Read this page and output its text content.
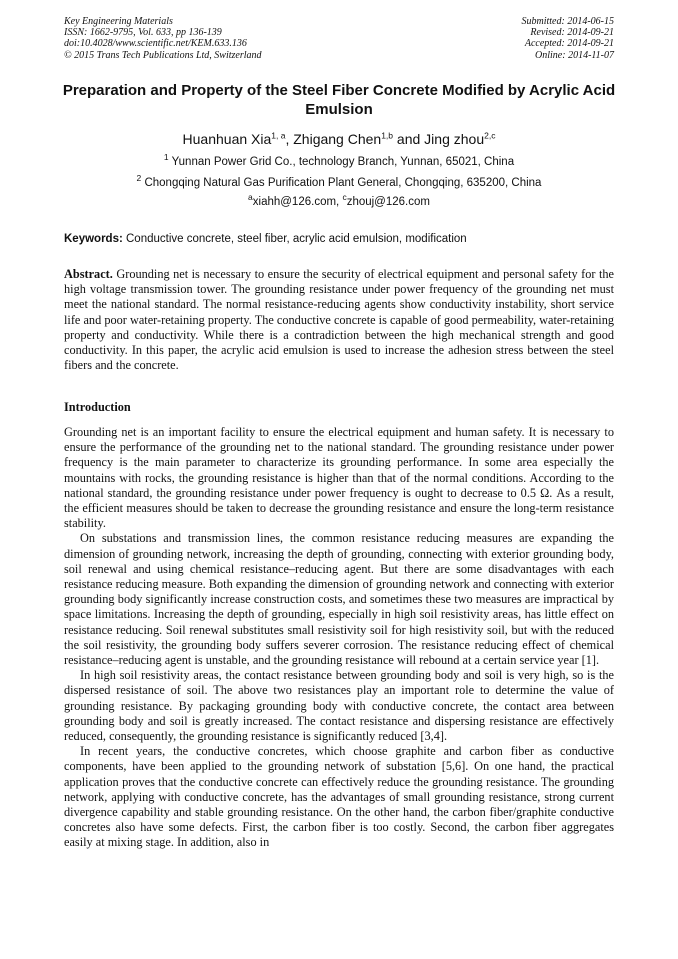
Key Engineering Materials
ISSN: 1662-9795, Vol. 633, pp 136-139
doi:10.4028/www.scientific.net/KEM.633.136
© 2015 Trans Tech Publications Ltd, Switzerland
Submitted: 2014-06-15
Revised: 2014-09-21
Accepted: 2014-09-21
Online: 2014-11-07
Preparation and Property of the Steel Fiber Concrete Modified by Acrylic Acid Emulsion
Huanhuan Xia$^{1, a}$, Zhigang Chen$^{1,b}$ and Jing zhou$^{2,c}$
$^1$ Yunnan Power Grid Co., technology Branch, Yunnan, 65021, China
$^2$ Chongqing Natural Gas Purification Plant General, Chongqing, 635200, China
$^a$xiahh@126.com, $^c$zhouj@126.com
Keywords: Conductive concrete, steel fiber, acrylic acid emulsion, modification

Abstract. Grounding net is necessary to ensure the security of electrical equipment and personal safety for the high voltage transmission tower. The grounding resistance under power frequency of the grounding net must meet the national standard. The normal resistance-reducing agents show conductivity instability, short service life and poor water-retaining property. The conductive concrete is capable of good permeability, water-retaining property and conductivity. While there is a contradiction between the high mechanical strength and good conductivity. In this paper, the acrylic acid emulsion is used to increase the adhesion stress between the steel fibers and the concrete.

Introduction

Grounding net is an important facility to ensure the electrical equipment and human safety. It is necessary to ensure the performance of the grounding net to the national standard. The grounding resistance under power frequency is the main parameter to characterize its grounding performance. In some area especially the mountains with rocks, the grounding resistance is higher than that of the normal conditions. According to the national standard, the grounding resistance under power frequency is ought to decrease to 0.5 Ω. As a result, the efficient measures should be taken to decrease the grounding resistance and ensure the long-term resistance stability.

On substations and transmission lines, the common resistance reducing measures are expanding the dimension of grounding network, increasing the depth of grounding, connecting with exterior grounding body, soil renewal and using chemical resistance–reducing agent. But there are some disadvantages with each resistance reducing measure. Both expanding the dimension of grounding network and connecting with exterior grounding body significantly increase construction costs, and sometimes these two measures are impractical by space limitations. Increasing the depth of grounding, especially in high soil resistivity areas, has little effect on resistance reducing. Soil renewal substitutes small resistivity soil for high resistivity soil, but with the reduced the soil resistivity, the grounding body suffers severer corrosion. The resistance reducing effect of chemical resistance–reducing agent is unstable, and the grounding resistance will rebound at a certain service year [1].

In high soil resistivity areas, the contact resistance between grounding body and soil is very high, so is the dispersed resistance of soil. The above two resistances play an important role to determine the value of grounding resistance. By packaging grounding body with conductive concrete, the contact area between grounding body and soil is greatly increased. The contact resistance and dispersing resistance are effectively reduced, consequently, the grounding resistance is significantly reduced [3,4].

In recent years, the conductive concretes, which choose graphite and carbon fiber as conductive components, have been applied to the grounding network of substation [5,6]. On one hand, the practical application proves that the conductive concrete can effectively reduce the grounding resistance. The grounding network, applying with conductive concrete, has the advantages of small grounding resistance, strong current divergence capability and stable grounding resistance. On the other hand, the carbon fiber/graphite conductive concretes also have some defects. First, the carbon fiber is too costly. Second, the carbon fiber aggregates easily at mixing stage. In addition, also in
